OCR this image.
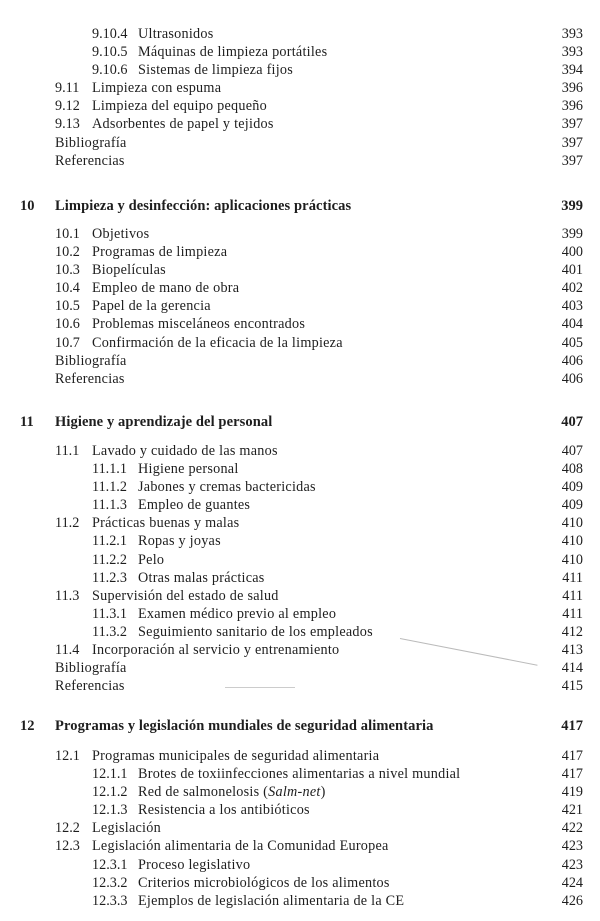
9.10.4 Ultrasonidos	393
9.10.5 Máquinas de limpieza portátiles	393
9.10.6 Sistemas de limpieza fijos	394
9.11 Limpieza con espuma	396
9.12 Limpieza del equipo pequeño	396
9.13 Adsorbentes de papel y tejidos	397
Bibliografía	397
Referencias	397
10 Limpieza y desinfección: aplicaciones prácticas	399
10.1 Objetivos	399
10.2 Programas de limpieza	400
10.3 Biopelículas	401
10.4 Empleo de mano de obra	402
10.5 Papel de la gerencia	403
10.6 Problemas misceláneos encontrados	404
10.7 Confirmación de la eficacia de la limpieza	405
Bibliografía	406
Referencias	406
11 Higiene y aprendizaje del personal	407
11.1 Lavado y cuidado de las manos	407
11.1.1 Higiene personal	408
11.1.2 Jabones y cremas bactericidas	409
11.1.3 Empleo de guantes	409
11.2 Prácticas buenas y malas	410
11.2.1 Ropas y joyas	410
11.2.2 Pelo	410
11.2.3 Otras malas prácticas	411
11.3 Supervisión del estado de salud	411
11.3.1 Examen médico previo al empleo	411
11.3.2 Seguimiento sanitario de los empleados	412
11.4 Incorporación al servicio y entrenamiento	413
Bibliografía	414
Referencias	415
12 Programas y legislación mundiales de seguridad alimentaria	417
12.1 Programas municipales de seguridad alimentaria	417
12.1.1 Brotes de toxiinfecciones alimentarias a nivel mundial	417
12.1.2 Red de salmonelosis (Salm-net)	419
12.1.3 Resistencia a los antibióticos	421
12.2 Legislación	422
12.3 Legislación alimentaria de la Comunidad Europea	423
12.3.1 Proceso legislativo	423
12.3.2 Criterios microbiológicos de los alimentos	424
12.3.3 Ejemplos de legislación alimentaria de la CE	426
